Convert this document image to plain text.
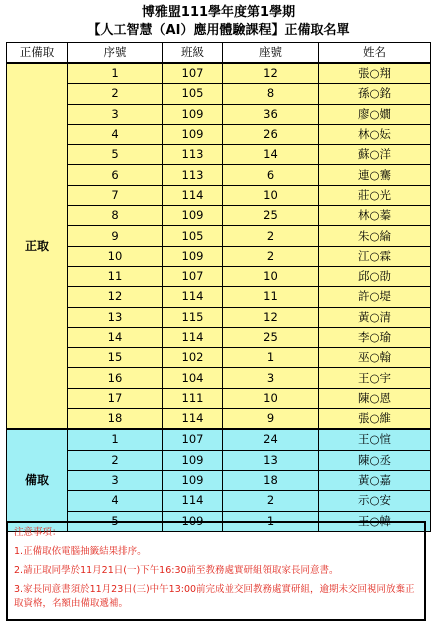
博雅盟111學年度第1學期
【人工智慧（AI）應用體驗課程】正備取名單
正備取	序號	班級	座號	姓名
正取	1	107	12	張○翔
	2	105	8	孫○銘
	3	109	36	廖○嫺
	4	109	26	林○妘
	5	113	14	蘇○洋
	6	113	6	連○騫
	7	114	10	莊○光
	8	109	25	林○蓁
	9	105	2	朱○綸
	10	109	2	江○霖
	11	107	10	邱○劭
	12	114	11	許○堤
	13	115	12	黃○清
	14	114	25	李○瑜
	15	102	1	巫○翰
	16	104	3	王○宇
	17	111	10	陳○恩
	18	114	9	張○維
備取	1	107	24	王○愃
	2	109	13	陳○丞
	3	109	18	黃○嘉
	4	114	2	示○安
	5	109	1	王○幃

注意事項：

1.正備取依電腦抽籤結果排序。

2.請正取同學於11月21日(一)下午16:30前至教務處實研組領取家長同意書。

3.家長同意書須於11月23日(三)中午13:00前完成並交回教務處實研組，逾期未交回視同放棄正取資格，名額由備取遞補。
